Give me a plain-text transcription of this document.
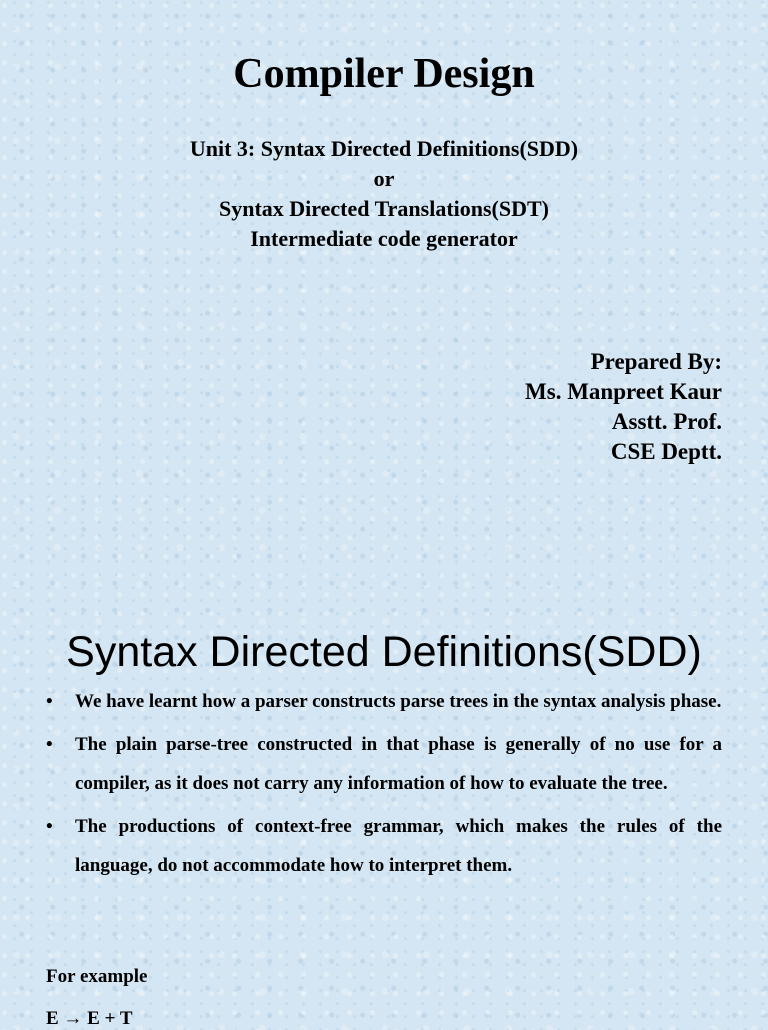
Compiler Design
Unit 3: Syntax Directed Definitions(SDD)
or
Syntax Directed Translations(SDT)
Intermediate code generator
Prepared By:
Ms. Manpreet Kaur
Asstt. Prof.
CSE Deptt.
Syntax Directed Definitions(SDD)
• We have learnt how a parser constructs parse trees in the syntax analysis phase.
• The plain parse-tree constructed in that phase is generally of no use for a compiler, as it does not carry any information of how to evaluate the tree.
• The productions of context-free grammar, which makes the rules of the language, do not accommodate how to interpret them.
For example
E → E + T
